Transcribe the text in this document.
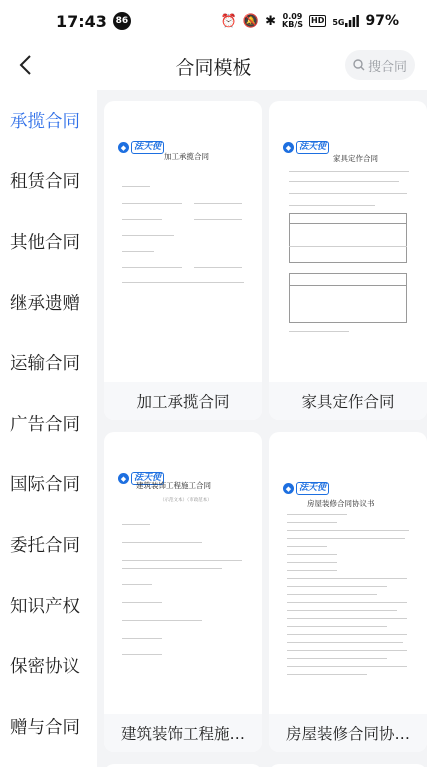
17:43 86	⏰ 🔕 ✱ 0.09
KB/S HD 5G 97%
合同模板	搜合同
承揽合同
租赁合同
其他合同
继承遗赠
运输合同
广告合同
国际合同
委托合同
知识产权
保密协议
赠与合同
◆ 法天使
加工承揽合同
加工承揽合同
◆ 法天使
家具定作合同
家具定作合同
◆ 法天使
建筑装饰工程施工合同
（示范文本）（市政范本）
建筑装饰工程施…
◆ 法天使
房屋装修合同协议书
房屋装修合同协…
